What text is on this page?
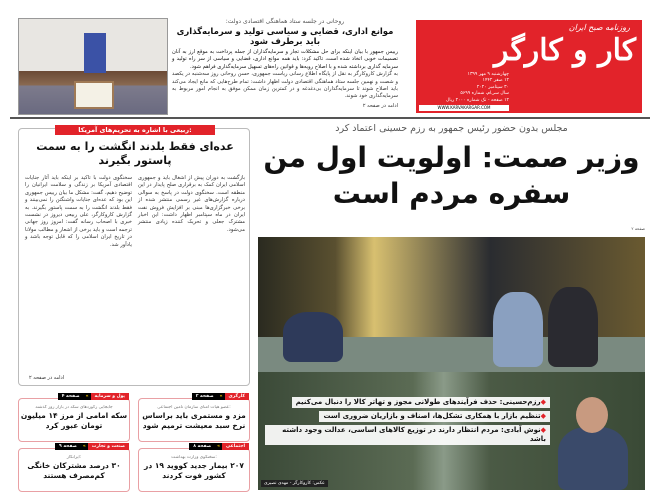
روحانی در جلسه ستاد هماهنگی اقتصادی دولت:
موانع اداری، قضایی و سیاسی تولید و سرمایه‌گذاری باید برطرف شود
رییس جمهور با بیان اینکه برای حل مشکلات تجار و سرمایه‌گذاران از جمله پرداخت به موقع ارز به آنان تصمیمات خوبی اتخاذ شده است، تاکید کرد: باید همه موانع اداری، قضایی و سیاسی از سر راه تولید و سرمایه گذاری برداشته شده و با اصلاح رویه‌ها و قوانین راه‌های تسهیل سرمایه‌گذاری فراهم شود.
به گزارش کارو‌کارگر به نقل از پایگاه اطلاع رسانی ریاست جمهوری، حسن روحانی روز سه‌شنبه در یکصد و شصت و نهمین جلسه ستاد هماهنگی اقتصادی دولت اظهار داشت: تمام طرح‌هایی که مانع ایجاد می‌کند باید اصلاح شوند تا سرمایه‌گذاران بی‌دغدغه و در کمترین زمان ممکن موفق به انجام امور مربوط به سرمایه‌گذاری خود شوند.
ادامه در صفحه ۲
روزنامه صبح ایران
کار و کارگر
چهارشنبه ۹ مهر ۱۳۹۹
۱۲ صفر ۱۴۴۲
۳۰ سپتامبر ۲۰۲۰
سال سی‌ام، شماره ۵۶۹۹
۱۲ صفحه - تک شماره ۲۰۰۰ ریال
WWW.KARVAKARGAR.COM
مجلس بدون حضور رئیس جمهور به رزم حسینی اعتماد کرد
وزیر صمت: اولویت اول من
سفره مردم است
صفحه ۲
◆رزم‌حسینی: حذف فرآیندهای طولانی مجوز و تهاتر کالا را دنبال می‌کنیم
◆تنظیم بازار با همکاری تشکل‌ها، اصناف و بازاریان ضروری است
◆نوش آبادی: مردم انتظار دارند در توزیع کالاهای اساسی، عدالت وجود داشته باشد
عکس: کارو‌کارگر - مهدی نصیری
ربیعی با اشاره به تحریم‌های آمریکا:
عده‌ای فقط بلدند انگشت را به سمت پاستور بگیرند
سخنگوی دولت با تاکید بر اینکه باید آثار جنایات اقتصادی آمریکا بر زندگی و سلامت ایرانیان را توضیح دهیم، گفت: مشکل ما بیان رییس جمهوری این بود که عده‌ای جنایات واشنگتن را نمی‌بینند و فقط بلدند انگشت را به سمت پاستور بگیرند. به گزارش کارو‌کارگر، علی ربیعی دیروز در نشست خبری با اصحاب رسانه گفت: امروز روز جهانی ترجمه است و باید برخی از اشعار و مطالب مولانا در تاریخ ایران اسلامی را که قابل توجه باشد و یادآور شد.
بازگشت به دوران پیش از اشغال باید و جمهوری اسلامی ایران کمک به برقراری صلح پایدار در این منطقه است. سخنگوی دولت در پاسخ به سوالی درباره گزارش‌های غیر رسمی منتشر شده از برخی خبرگزاری‌ها مبنی بر افزایش فروش نفت ایران در ماه سپتامبر اظهار داشت: این اخبار مشترک جعلی و تحریک کننده زیادی منتشر می‌شود.
ادامه در صفحه ۲
کارگری
»
صفحه ۲
عضو هیات امنای سازمان تامین اجتماعی:
مزد و مستمری باید براساس نرخ سبد معیشت ترمیم شود
پول و سرمایه
»
صفحه ۴
جابجایی رکوردهای سکه در بازار روز گذشته
سکه امامی از مرز ۱۴ میلیون تومان عبور کرد
اجتماعی
»
صفحه ۸
سخنگوی وزارت بهداشت:
۲۰۷ بیمار جدید کووید ۱۹ در کشور فوت کردند
صنعت و تجارت
»
صفحه ۹
ایرانگاز:
۳۰ درصد مشترکان خانگی کم‌مصرف هستند
